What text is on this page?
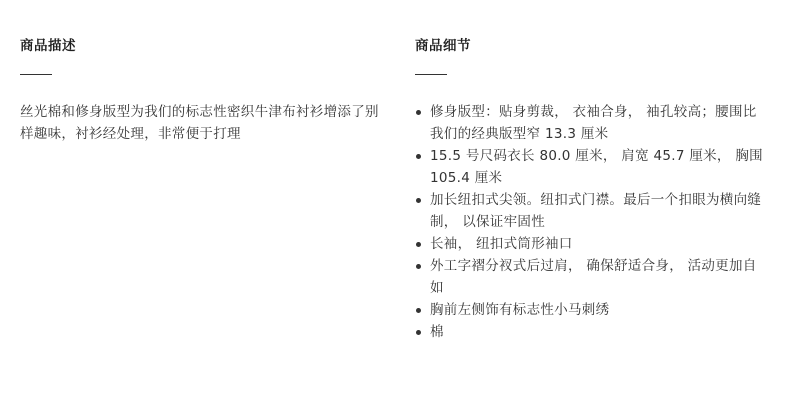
商品描述

丝光棉和修身版型为我们的标志性密织牛津布衬衫增添了别样趣味，衬衫经处理，非常便于打理

商品细节
修身版型：贴身剪裁， 衣袖合身， 袖孔较高；腰围比我们的经典版型窄 13.3 厘米
15.5 号尺码衣长 80.0 厘米， 肩宽 45.7 厘米， 胸围 105.4 厘米
加长纽扣式尖领。纽扣式门襟。最后一个扣眼为横向缝制， 以保证牢固性
长袖， 纽扣式筒形袖口
外工字褶分衩式后过肩， 确保舒适合身， 活动更加自如
胸前左侧饰有标志性小马刺绣
棉
